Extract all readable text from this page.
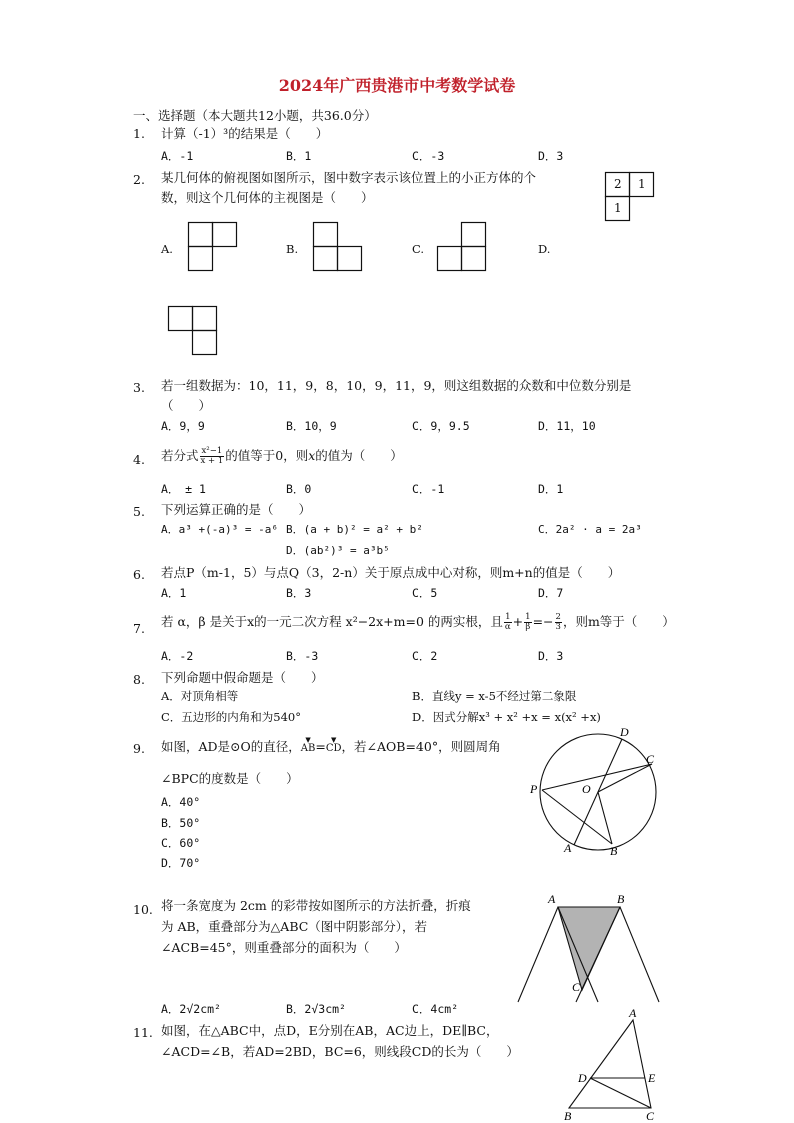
2024年广西贵港市中考数学试卷
一、选择题（本大题共12小题，共36.0分）
1. 计算（-1）³的结果是（　　）
A．-1	B．1	C．-3	D．3
2. 某几何体的俯视图如图所示，图中数字表示该位置上的小正方体的个
数，则这个几何体的主视图是（　　）
2 1
1
A.	B.	C.	D.
3. 若一组数据为：10，11，9，8，10，9，11，9，则这组数据的众数和中位数分别是
（　　）
A．9，9	B．10，9	C．9，9.5	D．11，10
4. 若分式 $\frac{\text{x²−1}}{x + 1}$ 的值等于0，则x的值为（　　）
A．　± 1	B．0	C．-1	D．1
5. 下列运算正确的是（　　）
A．a³ +(-a)³ = -a⁶ B．(a + b)² = a² + b²	C．2a² · a = 2a³
D．(ab²)³ = a³b⁵
6. 若点P（m-1，5）与点Q（3，2-n）关于原点成中心对称，则m+n的值是（　　）
A．1	B．3	C．5	D．7
7. 若 α，β 是关于x的一元二次方程 x²−2x+m=0 的两实根，且 $\frac{1}{\alpha} + \frac{1}{\beta} =- \frac{2}{3}$ ，则m等于（　　）
A．-2	B．-3	C．2	D．3
8. 下列命题中假命题是（　　）
A．对顶角相等	B．直线y = x-5不经过第二象限
C．五边形的内角和为540°	D．因式分解x³ + x² +x = x(x² +x)
9. 如图，AD是⊙O的直径， ▼
AB= ▼
CD，若∠AOB=40°，则圆周角
∠BPC的度数是（　　）
A．40°
B．50°
C．60°
D．70°
D
C
P	O
A	B
10. 将一条宽度为 2cm 的彩带按如图所示的方法折叠，折痕
为 AB，重叠部分为△ABC（图中阴影部分），若
∠ACB=45°，则重叠部分的面积为（　　）
A．2√2cm²	B．2√3cm²	C．4cm²
A	B
C
11. 如图，在△ABC中，点D，E分别在AB，AC边上，DE∥BC，
∠ACD=∠B，若AD=2BD，BC=6，则线段CD的长为（　　）
A
D	E
B	C
